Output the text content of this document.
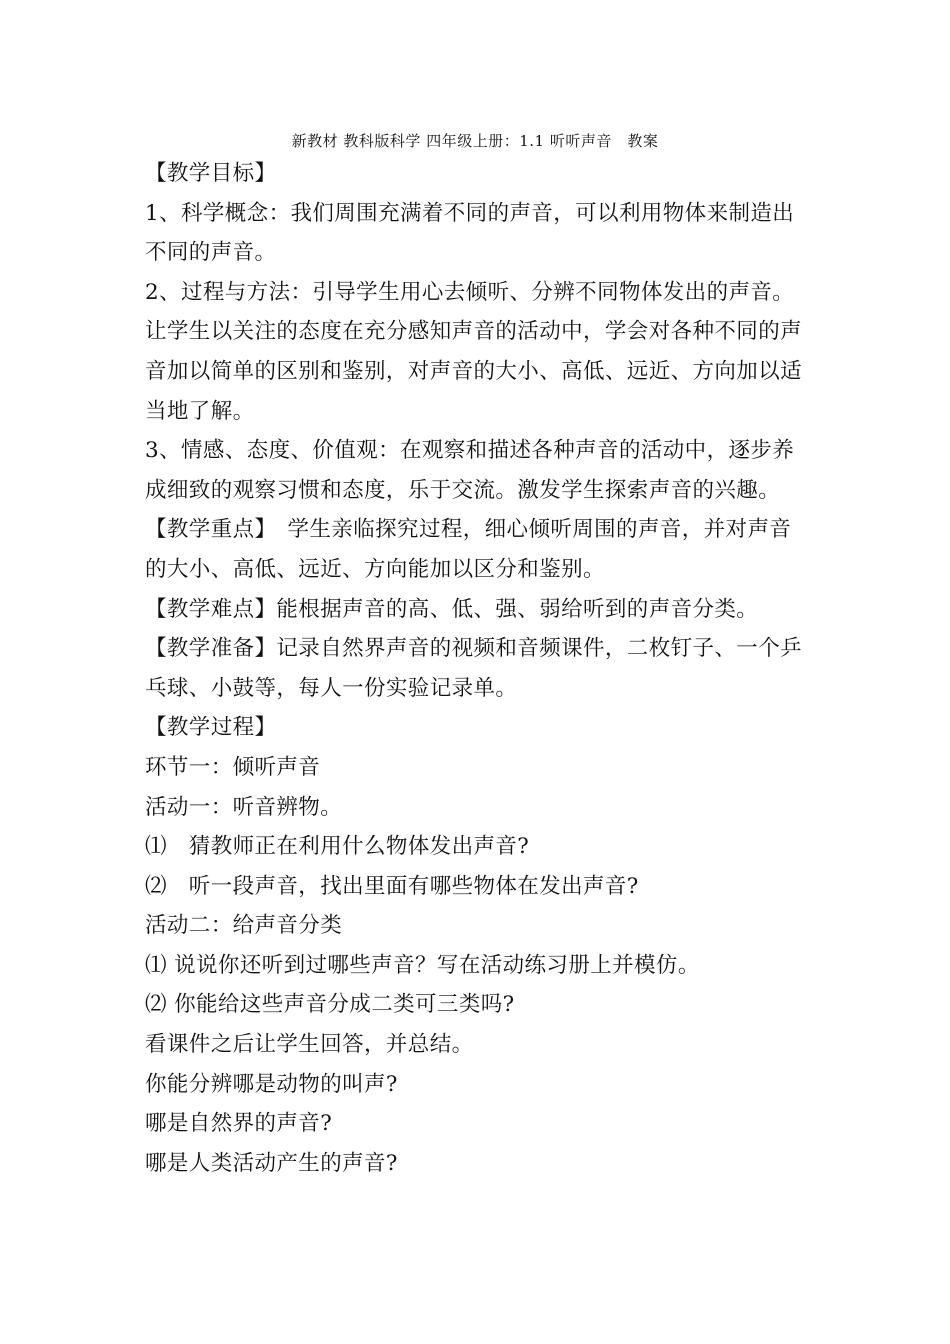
新教材 教科版科学 四年级上册：1.1 听听声音　教案
【教学目标】
1、科学概念：我们周围充满着不同的声音，可以利用物体来制造出
不同的声音。
2、过程与方法：引导学生用心去倾听、分辨不同物体发出的声音。
让学生以关注的态度在充分感知声音的活动中，学会对各种不同的声
音加以简单的区别和鉴别，对声音的大小、高低、远近、方向加以适
当地了解。
3、情感、态度、价值观：在观察和描述各种声音的活动中，逐步养
成细致的观察习惯和态度，乐于交流。激发学生探索声音的兴趣。
【教学重点】　学生亲临探究过程，细心倾听周围的声音，并对声音
的大小、高低、远近、方向能加以区分和鉴别。
【教学难点】能根据声音的高、低、强、弱给听到的声音分类。
【教学准备】记录自然界声音的视频和音频课件，二枚钉子、一个乒
乓球、小鼓等，每人一份实验记录单。
【教学过程】
环节一：倾听声音
活动一：听音辨物。
⑴　猜教师正在利用什么物体发出声音?
⑵　听一段声音，找出里面有哪些物体在发出声音?
活动二：给声音分类
⑴ 说说你还听到过哪些声音？写在活动练习册上并模仿。
⑵ 你能给这些声音分成二类可三类吗?
看课件之后让学生回答，并总结。
你能分辨哪是动物的叫声?
哪是自然界的声音?
哪是人类活动产生的声音?
